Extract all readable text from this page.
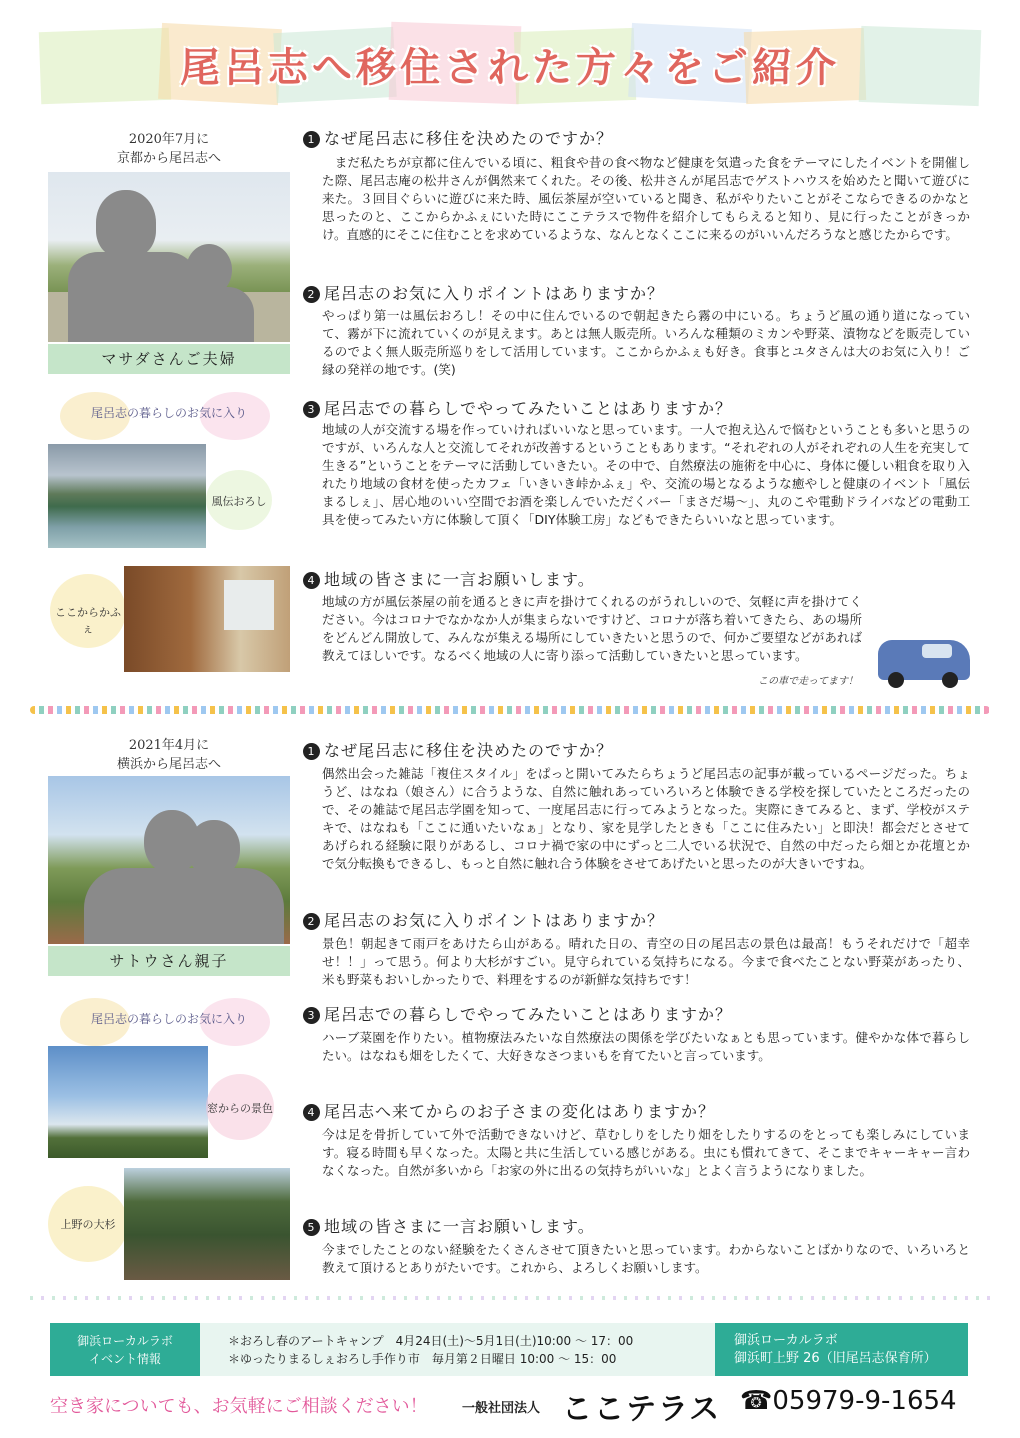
尾呂志へ移住された方々をご紹介
2020年7月に
京都から尾呂志へ
マサダさんご夫婦
尾呂志の暮らしのお気に入り
風伝おろし
ここからかふぇ
1 なぜ尾呂志に移住を決めたのですか？

　まだ私たちが京都に住んでいる頃に、粗食や昔の食べ物など健康を気遣った食をテーマにしたイベントを開催した際、尾呂志庵の松井さんが偶然来てくれた。その後、松井さんが尾呂志でゲストハウスを始めたと聞いて遊びに来た。３回目ぐらいに遊びに来た時、風伝茶屋が空いていると聞き、私がやりたいことがそこならできるのかなと思ったのと、ここからかふぇにいた時にここテラスで物件を紹介してもらえると知り、見に行ったことがきっかけ。直感的にそこに住むことを求めているような、なんとなくここに来るのがいいんだろうなと感じたからです。

2 尾呂志のお気に入りポイントはありますか？

やっぱり第一は風伝おろし！その中に住んでいるので朝起きたら霧の中にいる。ちょうど風の通り道になっていて、霧が下に流れていくのが見えます。あとは無人販売所。いろんな種類のミカンや野菜、漬物などを販売しているのでよく無人販売所巡りをして活用しています。ここからかふぇも好き。食事とユタさんは大のお気に入り！ご縁の発祥の地です。(笑)

3 尾呂志での暮らしでやってみたいことはありますか？

地域の人が交流する場を作っていければいいなと思っています。一人で抱え込んで悩むということも多いと思うのですが、いろんな人と交流してそれが改善するということもあります。“それぞれの人がそれぞれの人生を充実して生きる”ということをテーマに活動していきたい。その中で、自然療法の施術を中心に、身体に優しい粗食を取り入れたり地域の食材を使ったカフェ「いきいき峠かふぇ」や、交流の場となるような癒やしと健康のイベント「風伝まるしぇ」、居心地のいい空間でお酒を楽しんでいただくバー「まさだ場～」、丸のこや電動ドライバなどの電動工具を使ってみたい方に体験して頂く「DIY体験工房」などもできたらいいなと思っています。

4 地域の皆さまに一言お願いします。

地域の方が風伝茶屋の前を通るときに声を掛けてくれるのがうれしいので、気軽に声を掛けてください。今はコロナでなかなか人が集まらないですけど、コロナが落ち着いてきたら、あの場所をどんどん開放して、みんなが集える場所にしていきたいと思うので、何かご要望などがあれば教えてほしいです。なるべく地域の人に寄り添って活動していきたいと思っています。

この車で走ってます！
2021年4月に
横浜から尾呂志へ
サトウさん親子
尾呂志の暮らしのお気に入り
窓からの景色
上野の大杉
1 なぜ尾呂志に移住を決めたのですか？

偶然出会った雑誌「複住スタイル」をぱっと開いてみたらちょうど尾呂志の記事が載っているページだった。ちょうど、はなね（娘さん）に合うような、自然に触れあっていろいろと体験できる学校を探していたところだったので、その雑誌で尾呂志学園を知って、一度尾呂志に行ってみようとなった。実際にきてみると、まず、学校がステキで、はなねも「ここに通いたいなぁ」となり、家を見学したときも「ここに住みたい」と即決！都会だとさせてあげられる経験に限りがあるし、コロナ禍で家の中にずっと二人でいる状況で、自然の中だったら畑とか花壇とかで気分転換もできるし、もっと自然に触れ合う体験をさせてあげたいと思ったのが大きいですね。

2 尾呂志のお気に入りポイントはありますか？

景色！朝起きて雨戸をあけたら山がある。晴れた日の、青空の日の尾呂志の景色は最高！もうそれだけで「超幸せ！！」って思う。何より大杉がすごい。見守られている気持ちになる。今まで食べたことない野菜があったり、米も野菜もおいしかったりで、料理をするのが新鮮な気持ちです！

3 尾呂志での暮らしでやってみたいことはありますか？

ハーブ菜園を作りたい。植物療法みたいな自然療法の関係を学びたいなぁとも思っています。健やかな体で暮らしたい。はなねも畑をしたくて、大好きなさつまいもを育てたいと言っています。

4 尾呂志へ来てからのお子さまの変化はありますか？

今は足を骨折していて外で活動できないけど、草むしりをしたり畑をしたりするのをとっても楽しみにしています。寝る時間も早くなった。太陽と共に生活している感じがある。虫にも慣れてきて、そこまでキャーキャー言わなくなった。自然が多いから「お家の外に出るの気持ちがいいな」とよく言うようになりました。

5 地域の皆さまに一言お願いします。

今までしたことのない経験をたくさんさせて頂きたいと思っています。わからないことばかりなので、いろいろと教えて頂けるとありがたいです。これから、よろしくお願いします。

御浜ローカルラボ
イベント情報
＊おろし春のアートキャンプ　4月24日(土)～5月1日(土)10:00 ～ 17：00
＊ゆったりまるしぇおろし手作り市　毎月第２日曜日 10:00 ～ 15：00
御浜ローカルラボ
御浜町上野 26（旧尾呂志保育所）
空き家についても、お気軽にご相談ください！	一般社団法人 ここテラス ☎05979-9-1654
